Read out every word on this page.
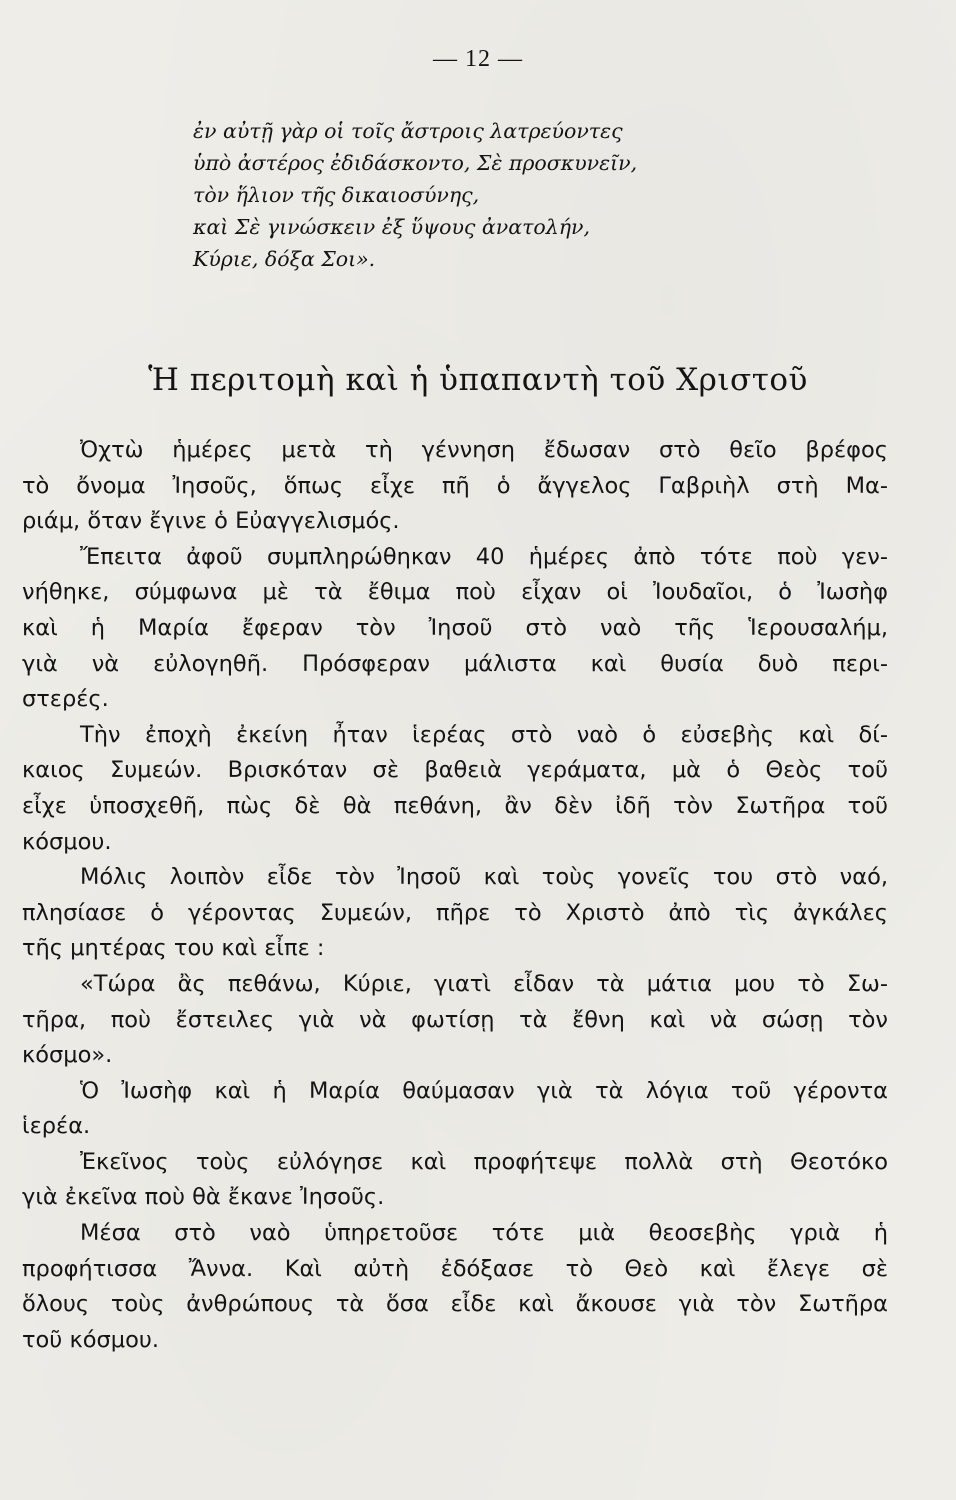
— 12 —
ἐν αὐτῇ γὰρ οἱ τοῖς ἄστροις λατρεύοντες
ὑπὸ ἀστέρος ἐδιδάσκοντο, Σὲ προσκυνεῖν,
τὸν ἥλιον τῆς δικαιοσύνης,
καὶ Σὲ γινώσκειν ἐξ ὕψους ἀνατολήν,
Κύριε, δόξα Σοι».
Ἡ περιτομὴ καὶ ἡ ὑπαπαντὴ τοῦ Χριστοῦ
Ὀχτὼ ἡμέρες μετὰ τὴ γέννηση ἔδωσαν στὸ θεῖο βρέφος
τὸ ὄνομα Ἰησοῦς, ὅπως εἶχε πῆ ὁ ἄγγελος Γαβριὴλ στὴ Μα-
ριάμ, ὅταν ἔγινε ὁ Εὐαγγελισμός.
Ἔπειτα ἀφοῦ συμπληρώθηκαν 40 ἡμέρες ἀπὸ τότε ποὺ γεν-
νήθηκε, σύμφωνα μὲ τὰ ἔθιμα ποὺ εἶχαν οἱ Ἰουδαῖοι, ὁ Ἰωσὴφ
καὶ ἡ Μαρία ἔφεραν τὸν Ἰησοῦ στὸ ναὸ τῆς Ἱερουσαλήμ,
γιὰ νὰ εὐλογηθῆ. Πρόσφεραν μάλιστα καὶ θυσία δυὸ περι-
στερές.
Τὴν ἐποχὴ ἐκείνη ἦταν ἱερέας στὸ ναὸ ὁ εὐσεβὴς καὶ δί-
καιος Συμεών. Βρισκόταν σὲ βαθειὰ γεράματα, μὰ ὁ Θεὸς τοῦ
εἶχε ὑποσχεθῆ, πὼς δὲ θὰ πεθάνη, ἂν δὲν ἰδῆ τὸν Σωτῆρα τοῦ
κόσμου.
Μόλις λοιπὸν εἶδε τὸν Ἰησοῦ καὶ τοὺς γονεῖς του στὸ ναό,
πλησίασε ὁ γέροντας Συμεών, πῆρε τὸ Χριστὸ ἀπὸ τὶς ἀγκάλες
τῆς μητέρας του καὶ εἶπε :
«Τώρα ἂς πεθάνω, Κύριε, γιατὶ εἶδαν τὰ μάτια μου τὸ Σω-
τῆρα, ποὺ ἔστειλες γιὰ νὰ φωτίσῃ τὰ ἔθνη καὶ νὰ σώσῃ τὸν
κόσμο».
Ὁ Ἰωσὴφ καὶ ἡ Μαρία θαύμασαν γιὰ τὰ λόγια τοῦ γέροντα
ἱερέα.
Ἐκεῖνος τοὺς εὐλόγησε καὶ προφήτεψε πολλὰ στὴ Θεοτόκο
γιὰ ἐκεῖνα ποὺ θὰ ἔκανε Ἰησοῦς.
Μέσα στὸ ναὸ ὑπηρετοῦσε τότε μιὰ θεοσεβὴς γριὰ ἡ
προφήτισσα Ἄννα. Καὶ αὐτὴ ἐδόξασε τὸ Θεὸ καὶ ἔλεγε σὲ
ὅλους τοὺς ἀνθρώπους τὰ ὅσα εἶδε καὶ ἄκουσε γιὰ τὸν Σωτῆρα
τοῦ κόσμου.
